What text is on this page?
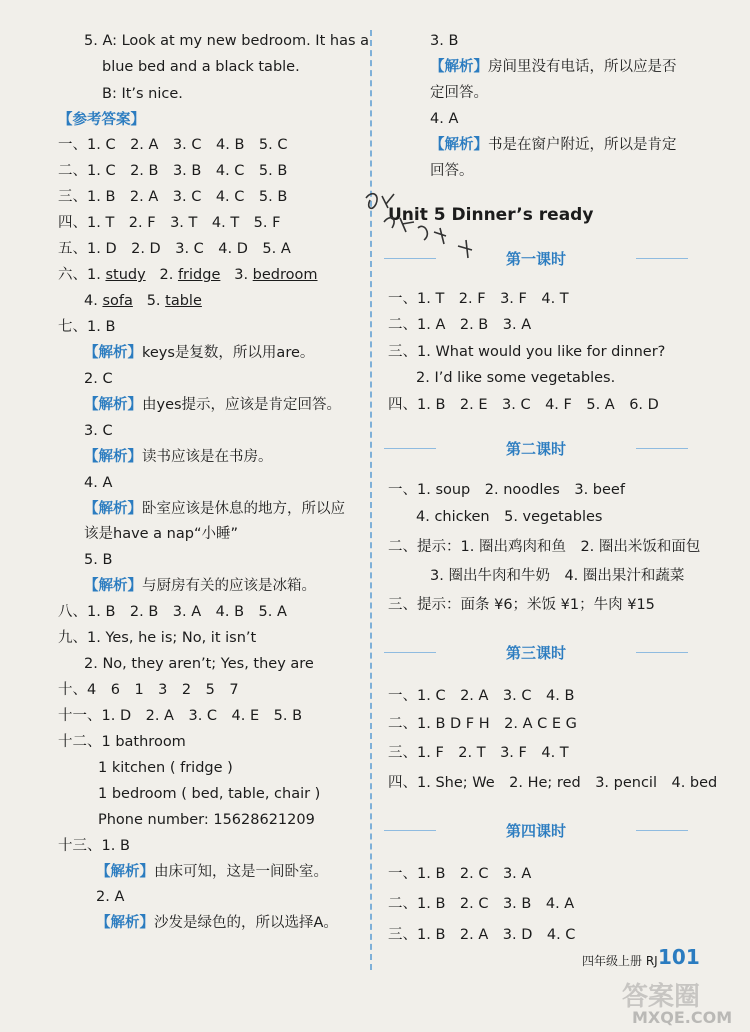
5. A: Look at my new bedroom. It has a
blue bed and a black table.
B: It’s nice.
【参考答案】
一、1. C　2. A　3. C　4. B　5. C
二、1. C　2. B　3. B　4. C　5. B
三、1. B　2. A　3. C　4. C　5. B
四、1. T　2. F　3. T　4. T　5. F
五、1. D　2. D　3. C　4. D　5. A
六、1. study 2. fridge 3. bedroom
4. sofa 5. table
七、1. B
【解析】keys是复数，所以用are。
2. C
【解析】由yes提示，应该是肯定回答。
3. C
【解析】读书应该是在书房。
4. A
【解析】卧室应该是休息的地方，所以应
该是have a nap“小睡”
5. B
【解析】与厨房有关的应该是冰箱。
八、1. B　2. B　3. A　4. B　5. A
九、1. Yes, he is; No, it isn’t
2. No, they aren’t; Yes, they are
十、4　6　1　3　2　5　7
十一、1. D　2. A　3. C　4. E　5. B
十二、1 bathroom
1 kitchen ( fridge )
1 bedroom ( bed, table, chair )
Phone number: 15628621209
十三、1. B
【解析】由床可知，这是一间卧室。
2. A
【解析】沙发是绿色的，所以选择A。
3. B
【解析】房间里没有电话，所以应是否
定回答。
4. A
【解析】书是在窗户附近，所以是肯定
回答。
Unit 5 Dinner’s ready
第一课时
一、1. T　2. F　3. F　4. T
二、1. A　2. B　3. A
三、1. What would you like for dinner?
2. I’d like some vegetables.
四、1. B　2. E　3. C　4. F　5. A　6. D
第二课时
一、1. soup　2. noodles　3. beef
4. chicken　5. vegetables
二、提示：1. 圈出鸡肉和鱼　2. 圈出米饭和面包
3. 圈出牛肉和牛奶　4. 圈出果汁和蔬菜
三、提示：面条 ¥6；米饭 ¥1；牛肉 ¥15
第三课时
一、1. C　2. A　3. C　4. B
二、1. B D F H　2. A C E G
三、1. F　2. T　3. F　4. T
四、1. She; We　2. He; red　3. pencil　4. bed
第四课时
一、1. B　2. C　3. A
二、1. B　2. C　3. B　4. A
三、1. B　2. A　3. D　4. C
四年级上册 RJ 101
答案圈
MXQE.COM
